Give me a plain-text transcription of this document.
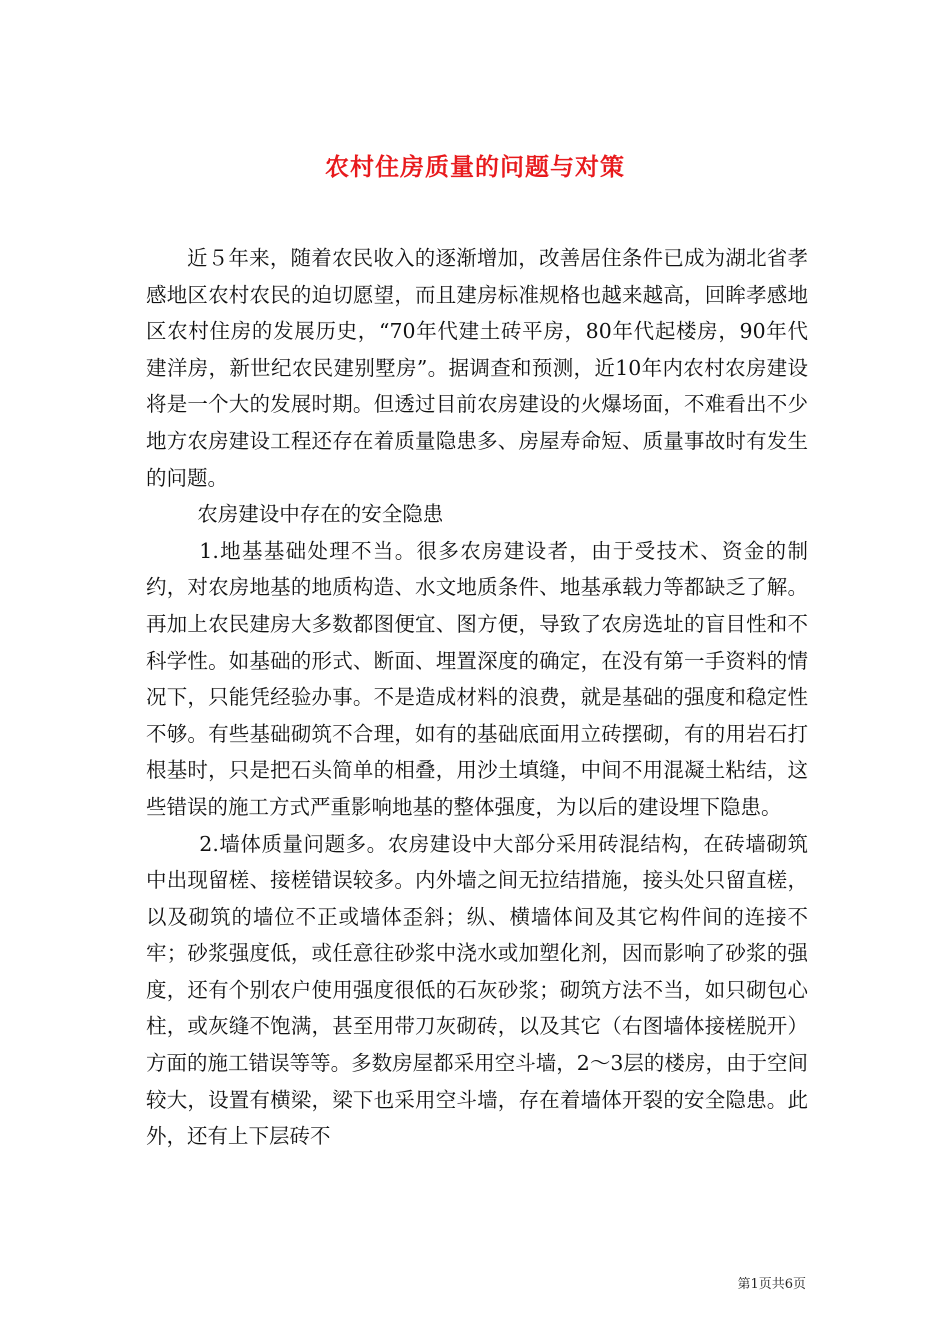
农村住房质量的问题与对策

近５年来，随着农民收入的逐渐增加，改善居住条件已成为湖北省孝感地区农村农民的迫切愿望，而且建房标准规格也越来越高，回眸孝感地区农村住房的发展历史，“70年代建土砖平房，80年代起楼房，90年代建洋房，新世纪农民建别墅房”。据调查和预测，近10年内农村农房建设将是一个大的发展时期。但透过目前农房建设的火爆场面，不难看出不少地方农房建设工程还存在着质量隐患多、房屋寿命短、质量事故时有发生的问题。

农房建设中存在的安全隐患

1.地基基础处理不当。很多农房建设者，由于受技术、资金的制约，对农房地基的地质构造、水文地质条件、地基承载力等都缺乏了解。再加上农民建房大多数都图便宜、图方便，导致了农房选址的盲目性和不科学性。如基础的形式、断面、埋置深度的确定，在没有第一手资料的情况下，只能凭经验办事。不是造成材料的浪费，就是基础的强度和稳定性不够。有些基础砌筑不合理，如有的基础底面用立砖摆砌，有的用岩石打根基时，只是把石头简单的相叠，用沙土填缝，中间不用混凝土粘结，这些错误的施工方式严重影响地基的整体强度，为以后的建设埋下隐患。

2.墙体质量问题多。农房建设中大部分采用砖混结构，在砖墙砌筑中出现留槎、接槎错误较多。内外墙之间无拉结措施，接头处只留直槎，以及砌筑的墙位不正或墙体歪斜；纵、横墙体间及其它构件间的连接不牢；砂浆强度低，或任意往砂浆中浇水或加塑化剂，因而影响了砂浆的强度，还有个别农户使用强度很低的石灰砂浆；砌筑方法不当，如只砌包心柱，或灰缝不饱满，甚至用带刀灰砌砖，以及其它（右图墙体接槎脱开）方面的施工错误等等。多数房屋都采用空斗墙，2～3层的楼房，由于空间较大，设置有横梁，梁下也采用空斗墙，存在着墙体开裂的安全隐患。此外，还有上下层砖不

第1页共6页
